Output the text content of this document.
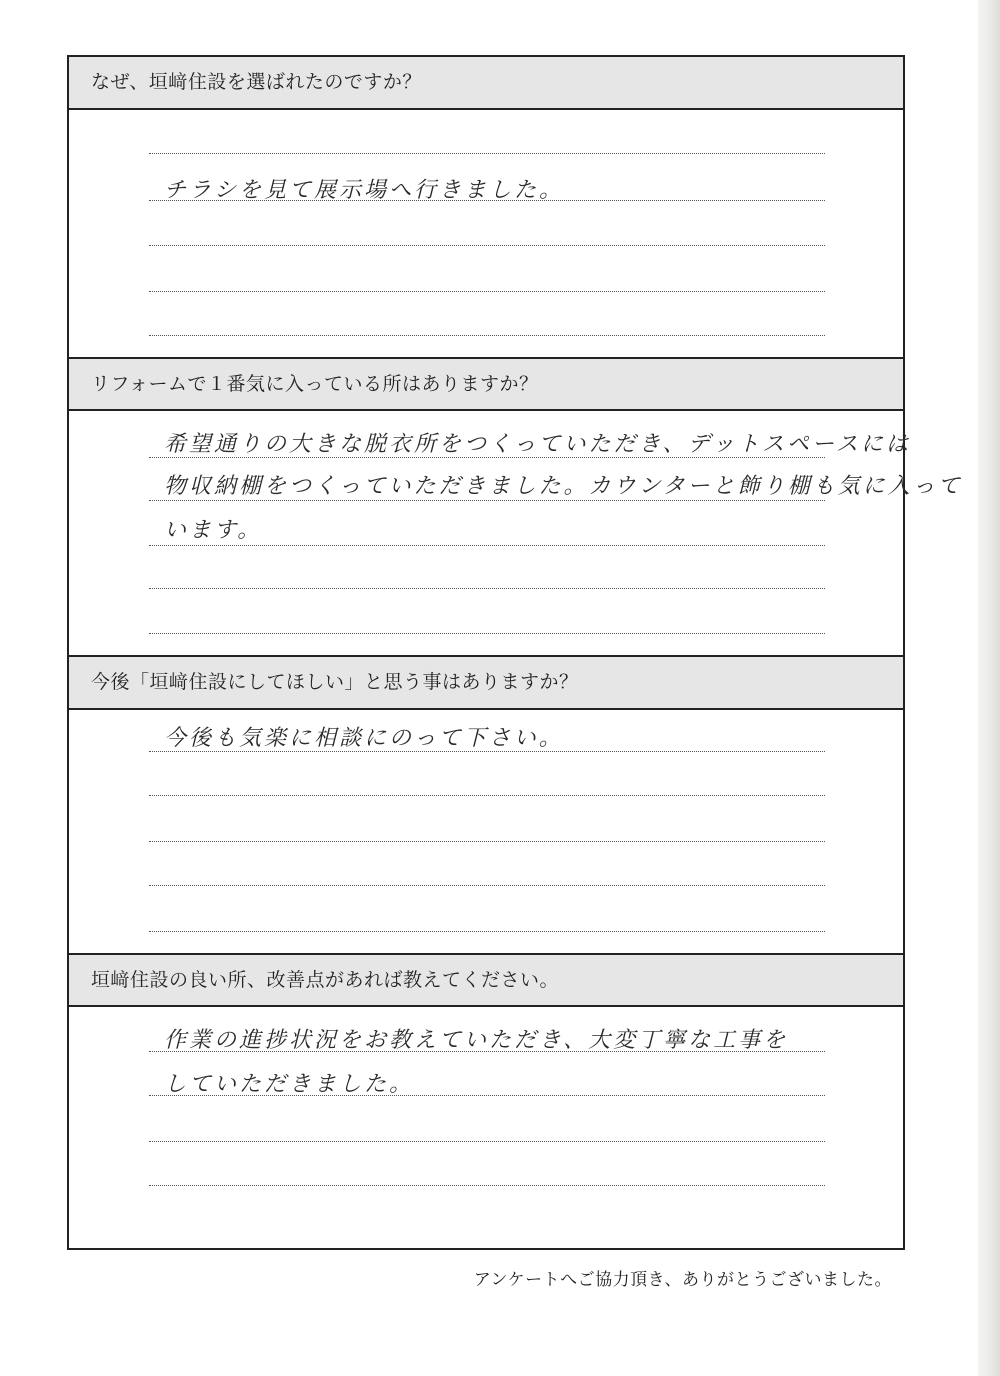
なぜ、垣﨑住設を選ばれたのですか？
チラシを見て展示場へ行きました。
リフォームで１番気に入っている所はありますか？
希望通りの大きな脱衣所をつくっていただき、デットスペースには
物収納棚をつくっていただきました。カウンターと飾り棚も気に入って
います。
今後「垣﨑住設にしてほしい」と思う事はありますか？
今後も気楽に相談にのって下さい。
垣﨑住設の良い所、改善点があれば教えてください。
作業の進捗状況をお教えていただき、大変丁寧な工事を
していただきました。
アンケートへご協力頂き、ありがとうございました。
